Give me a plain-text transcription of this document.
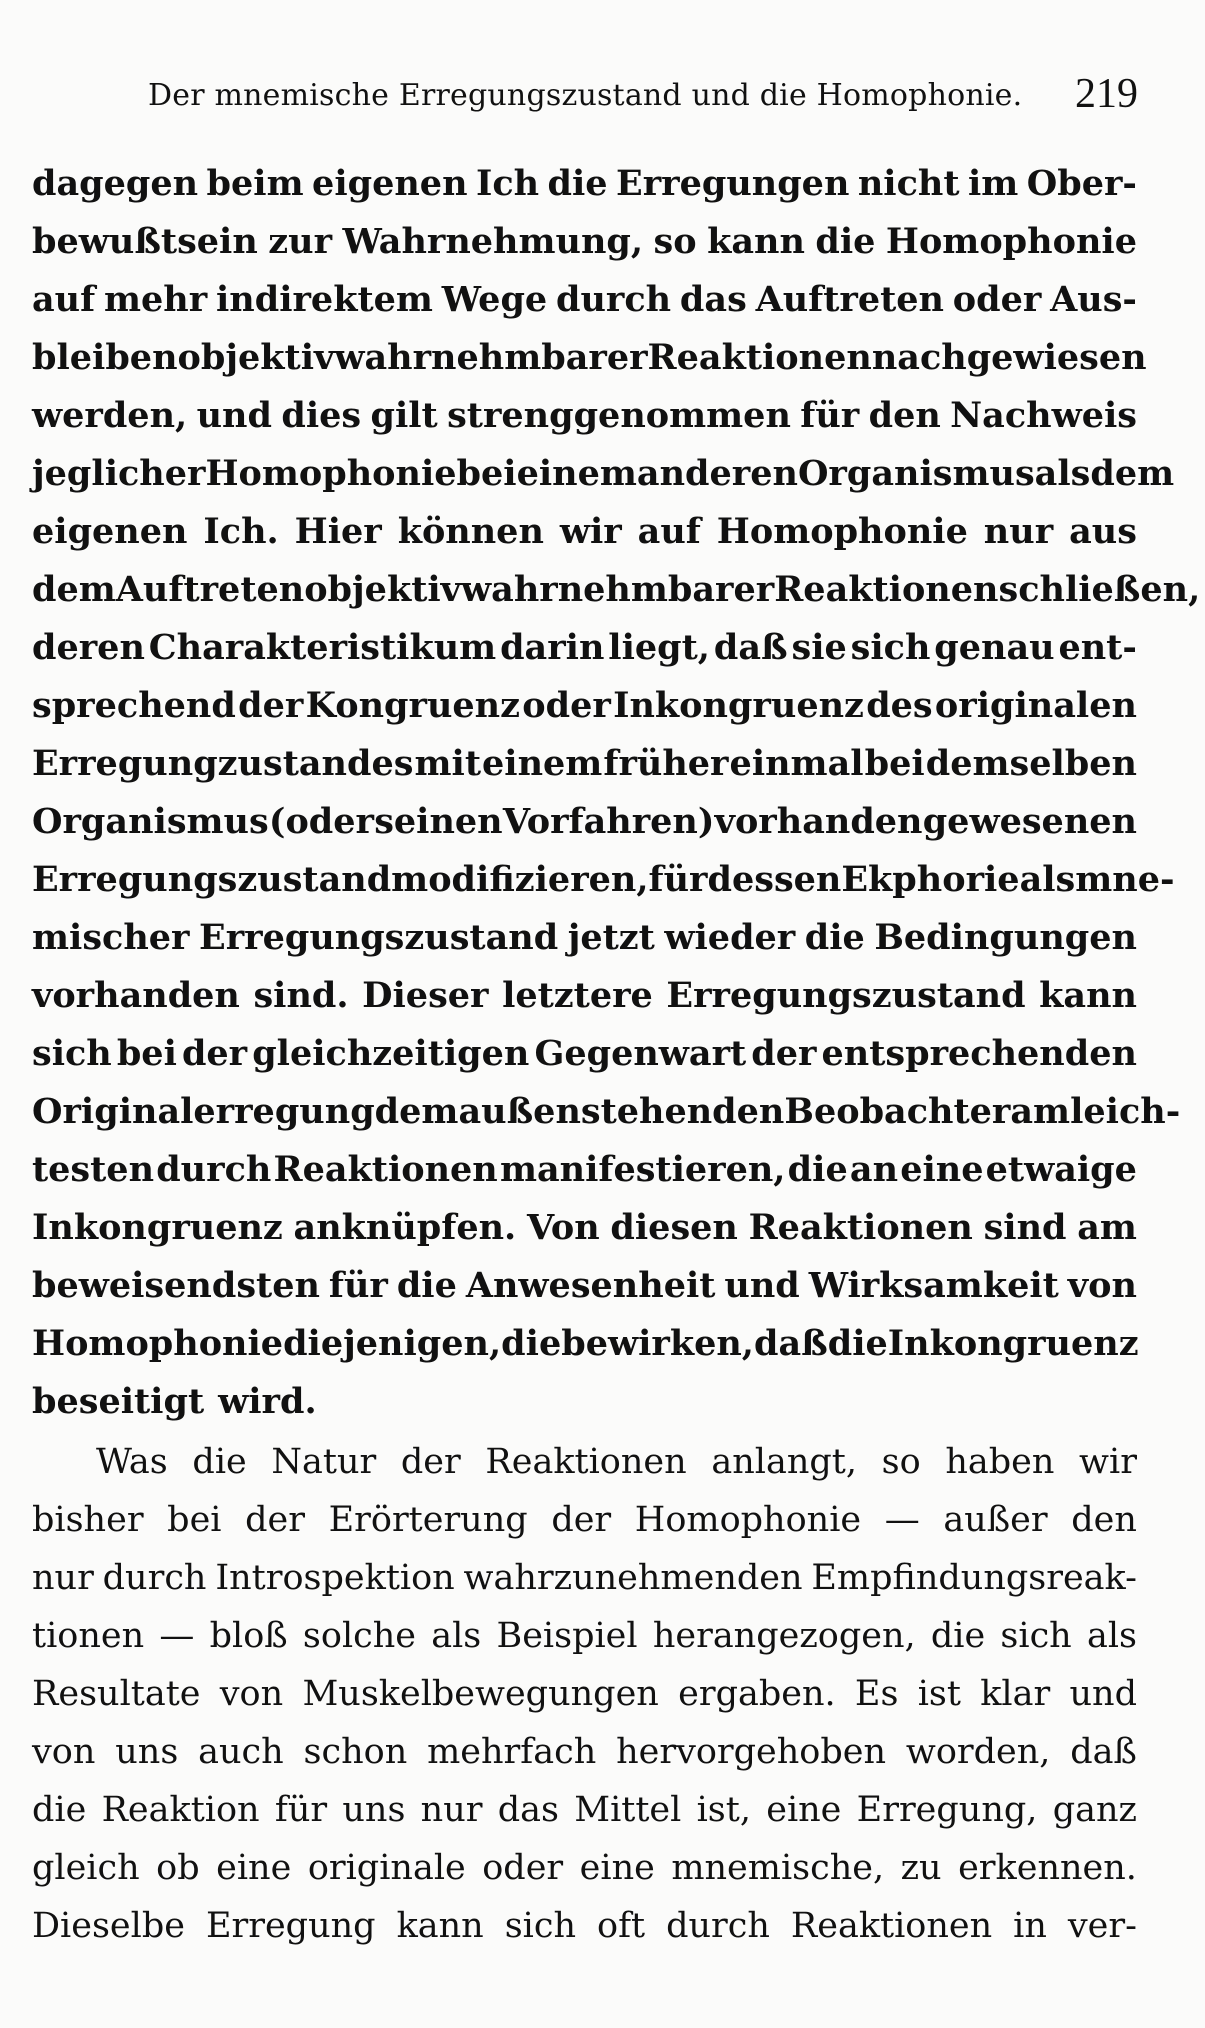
Der mnemische Erregungszustand und die Homophonie. 219
dagegen beim eigenen Ich die Erregungen nicht im Ober-
bewußtsein zur Wahrnehmung, so kann die Homophonie
auf mehr indirektem Wege durch das Auftreten oder Aus-
bleiben objektiv wahrnehmbarer Reaktionen nachgewiesen
werden, und dies gilt strenggenommen für den Nachweis
jeglicher Homophonie bei einem anderen Organismus als dem
eigenen Ich. Hier können wir auf Homophonie nur aus
dem Auftreten objektiv wahrnehmbarer Reaktionen schließen,
deren Charakteristikum darin liegt, daß sie sich genau ent-
sprechend der Kongruenz oder Inkongruenz des originalen
Erregungzustandes mit einem früher einmal bei demselben
Organismus (oder seinen Vorfahren) vorhanden gewesenen
Erregungszustand modifizieren, für dessen Ekphorie als mne-
mischer Erregungszustand jetzt wieder die Bedingungen
vorhanden sind. Dieser letztere Erregungszustand kann
sich bei der gleichzeitigen Gegenwart der entsprechenden
Originalerregung dem außenstehenden Beobachter am leich-
testen durch Reaktionen manifestieren, die an eine etwaige
Inkongruenz anknüpfen. Von diesen Reaktionen sind am
beweisendsten für die Anwesenheit und Wirksamkeit von
Homophonie diejenigen, die bewirken, daß die Inkongruenz
beseitigt wird.
Was die Natur der Reaktionen anlangt, so haben wir
bisher bei der Erörterung der Homophonie — außer den
nur durch Introspektion wahrzunehmenden Empfindungsreak-
tionen — bloß solche als Beispiel herangezogen, die sich als
Resultate von Muskelbewegungen ergaben. Es ist klar und
von uns auch schon mehrfach hervorgehoben worden, daß
die Reaktion für uns nur das Mittel ist, eine Erregung, ganz
gleich ob eine originale oder eine mnemische, zu erkennen.
Dieselbe Erregung kann sich oft durch Reaktionen in ver-
